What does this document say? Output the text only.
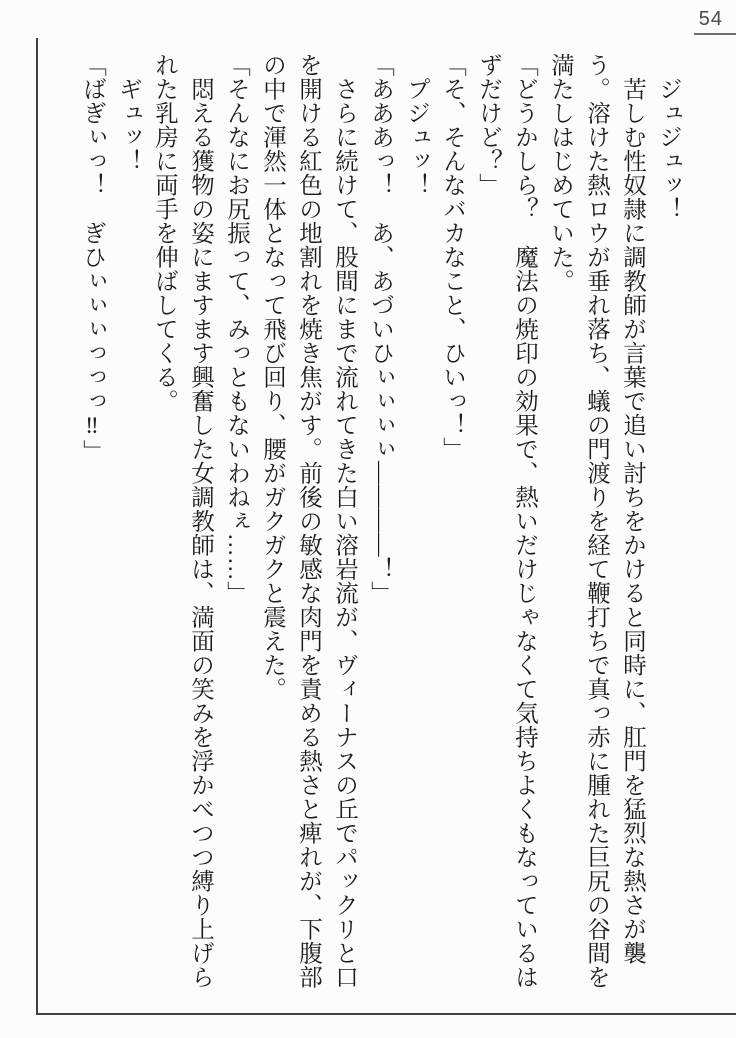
54

ジュジュッ！

苦しむ性奴隷に調教師が言葉で追い討ちをかけると同時に、肛門を猛烈な熱さが襲う。溶けた熱ロウが垂れ落ち、蟻の門渡りを経て鞭打ちで真っ赤に腫れた巨尻の谷間を満たしはじめていた。

「どうかしら？　魔法の焼印の効果で、熱いだけじゃなくて気持ちよくもなっているはずだけど？」

「そ、そんなバカなこと、ひいっ！」

プジュッ！

「あああっ！　あ、あづいひぃぃぃぃ――――！」

さらに続けて、股間にまで流れてきた白い溶岩流が、ヴィーナスの丘でパックリと口を開ける紅色の地割れを焼き焦がす。前後の敏感な肉門を責める熱さと痺れが、下腹部の中で渾然一体となって飛び回り、腰がガクガクと震えた。

「そんなにお尻振って、みっともないわねぇ……」

悶える獲物の姿にますます興奮した女調教師は、満面の笑みを浮かべつつ縛り上げられた乳房に両手を伸ばしてくる。

ギュッ！

「ばぎぃっ！　ぎひぃぃぃっっっ‼」
